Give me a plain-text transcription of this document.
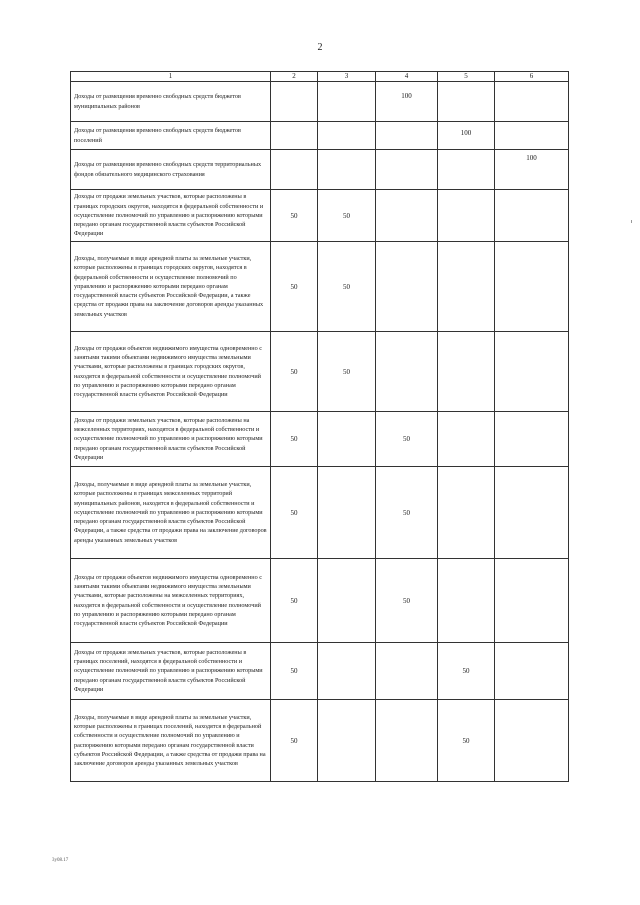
2
1	2	3	4	5	6
Доходы от размещения временно свободных средств бюджетов муниципальных районов			100		
Доходы от размещения временно свободных средств бюджетов поселений				100	
Доходы от размещения временно свободных средств территориальных фондов обязательного медицинского страхования					100
Доходы от продажи земельных участков, которые расположены в границах городских округов, находятся в федеральной собственности и осуществление полномочий по управлению и распоряжению которыми передано органам государственной власти субъектов Российской Федерации	50	50			
Доходы, получаемые в виде арендной платы за земельные участки, которые расположены в границах городских округов, находятся в федеральной собственности и осуществление полномочий по управлению и распоряжению которыми передано органам государственной власти субъектов Российской Федерации, а также средства от продажи права на заключение договоров аренды указанных земельных участков	50	50			
Доходы от продажи объектов недвижимого имущества одновременно с занятыми такими объектами недвижимого имущества земельными участками, которые расположены в границах городских округов, находятся в федеральной собственности и осуществление полномочий по управлению и распоряжению которыми передано органам государственной власти субъектов Российской Федерации	50	50			
Доходы от продажи земельных участков, которые расположены на межселенных территориях, находятся в федеральной собственности и осуществление полномочий по управлению и распоряжению которыми передано органам государственной власти субъектов Российской Федерации	50		50		
Доходы, получаемые в виде арендной платы за земельные участки, которые расположены в границах межселенных территорий муниципальных районов, находятся в федеральной собственности и осуществление полномочий по управлению и распоряжению которыми передано органам государственной власти субъектов Российской Федерации, а также средства от продажи права на заключение договоров аренды указанных земельных участков	50		50		
Доходы от продажи объектов недвижимого имущества одновременно с занятыми такими объектами недвижимого имущества земельными участками, которые расположены на межселенных территориях, находятся в федеральной собственности и осуществление полномочий по управлению и распоряжению которыми передано органам государственной власти субъектов Российской Федерации	50		50		
Доходы от продажи земельных участков, которые расположены в границах поселений, находятся в федеральной собственности и осуществление полномочий по управлению и распоряжению которыми передано органам государственной власти субъектов Российской Федерации	50			50	
Доходы, получаемые в виде арендной платы за земельные участки, которые расположены в границах поселений, находятся в федеральной собственности и осуществление полномочий по управлению и распоряжению которыми передано органам государственной власти субъектов Российской Федерации, а также средства от продажи права на заключение договоров аренды указанных земельных участков	50			50	
3у08.17
